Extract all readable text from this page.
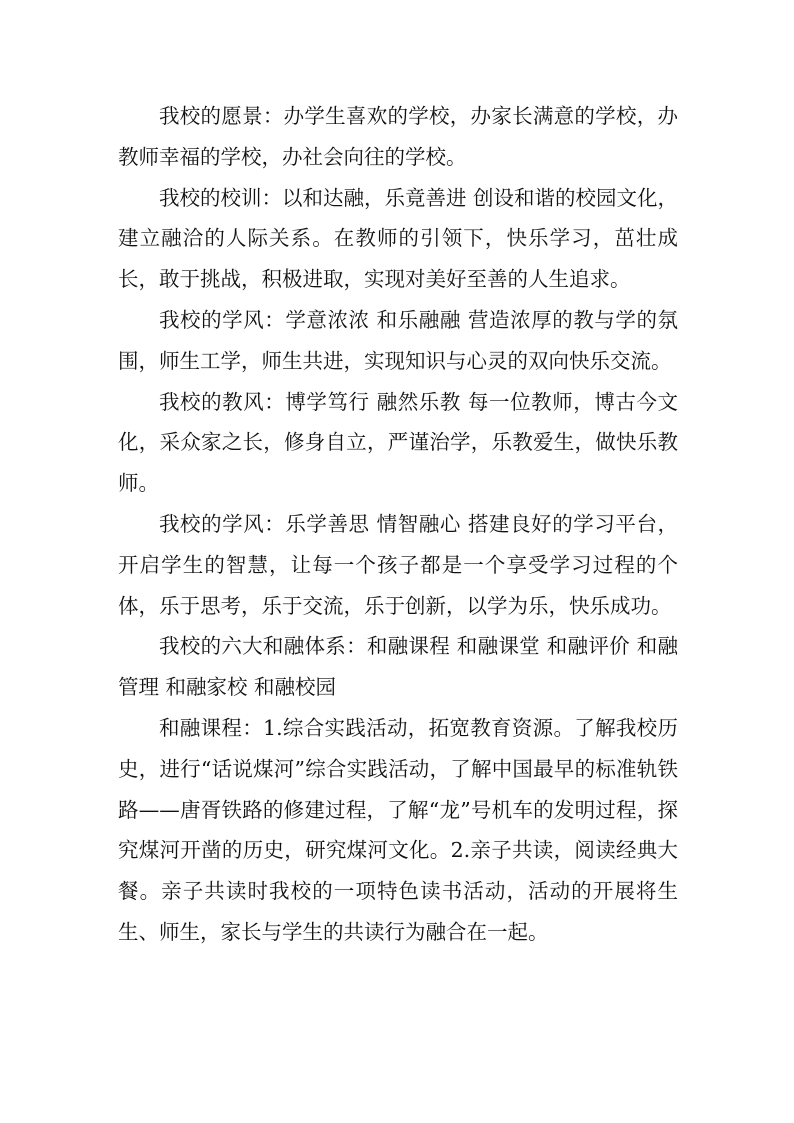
我校的愿景：办学生喜欢的学校，办家长满意的学校，办教师幸福的学校，办社会向往的学校。

我校的校训：以和达融，乐竟善进 创设和谐的校园文化，建立融洽的人际关系。在教师的引领下，快乐学习，茁壮成长，敢于挑战，积极进取，实现对美好至善的人生追求。

我校的学风：学意浓浓 和乐融融 营造浓厚的教与学的氛围，师生工学，师生共进，实现知识与心灵的双向快乐交流。

我校的教风：博学笃行 融然乐教 每一位教师，博古今文化，采众家之长，修身自立，严谨治学，乐教爱生，做快乐教师。

我校的学风：乐学善思 情智融心 搭建良好的学习平台，开启学生的智慧，让每一个孩子都是一个享受学习过程的个体，乐于思考，乐于交流，乐于创新，以学为乐，快乐成功。

我校的六大和融体系：和融课程 和融课堂 和融评价 和融管理 和融家校 和融校园

和融课程：1.综合实践活动，拓宽教育资源。了解我校历史，进行“话说煤河”综合实践活动，了解中国最早的标准轨铁路——唐胥铁路的修建过程，了解“龙”号机车的发明过程，探究煤河开凿的历史，研究煤河文化。2.亲子共读，阅读经典大餐。亲子共读时我校的一项特色读书活动，活动的开展将生生、师生，家长与学生的共读行为融合在一起。
